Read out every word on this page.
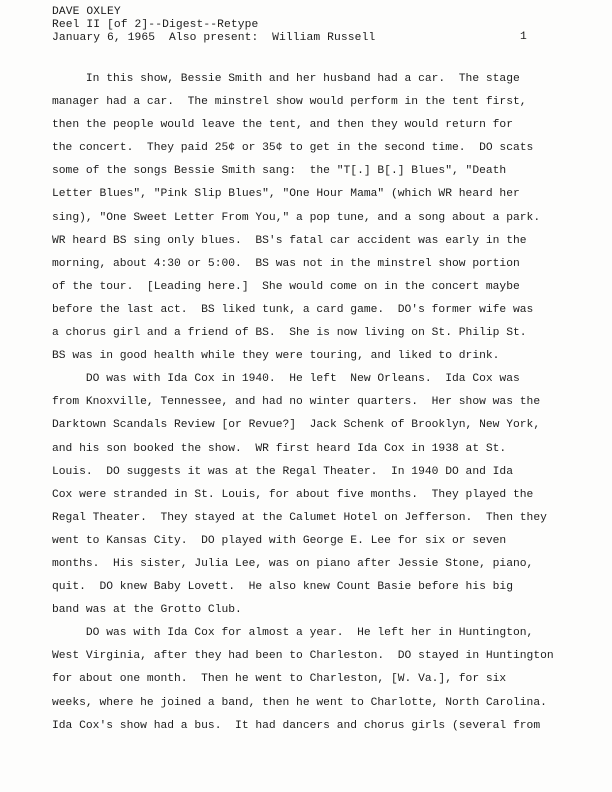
DAVE OXLEY
Reel II [of 2]--Digest--Retype
January 6, 1965  Also present:  William Russell	1
In this show, Bessie Smith and her husband had a car.  The stage
manager had a car.  The minstrel show would perform in the tent first,
then the people would leave the tent, and then they would return for
the concert.  They paid 25¢ or 35¢ to get in the second time.  DO scats
some of the songs Bessie Smith sang:  the "T[.] B[.] Blues", "Death
Letter Blues", "Pink Slip Blues", "One Hour Mama" (which WR heard her
sing), "One Sweet Letter From You," a pop tune, and a song about a park.
WR heard BS sing only blues.  BS's fatal car accident was early in the
morning, about 4:30 or 5:00.  BS was not in the minstrel show portion
of the tour.  [Leading here.]  She would come on in the concert maybe
before the last act.  BS liked tunk, a card game.  DO's former wife was
a chorus girl and a friend of BS.  She is now living on St. Philip St.
BS was in good health while they were touring, and liked to drink.
DO was with Ida Cox in 1940.  He left  New Orleans.  Ida Cox was
from Knoxville, Tennessee, and had no winter quarters.  Her show was the
Darktown Scandals Review [or Revue?]  Jack Schenk of Brooklyn, New York,
and his son booked the show.  WR first heard Ida Cox in 1938 at St.
Louis.  DO suggests it was at the Regal Theater.  In 1940 DO and Ida
Cox were stranded in St. Louis, for about five months.  They played the
Regal Theater.  They stayed at the Calumet Hotel on Jefferson.  Then they
went to Kansas City.  DO played with George E. Lee for six or seven
months.  His sister, Julia Lee, was on piano after Jessie Stone, piano,
quit.  DO knew Baby Lovett.  He also knew Count Basie before his big
band was at the Grotto Club.
DO was with Ida Cox for almost a year.  He left her in Huntington,
West Virginia, after they had been to Charleston.  DO stayed in Huntington
for about one month.  Then he went to Charleston, [W. Va.], for six
weeks, where he joined a band, then he went to Charlotte, North Carolina.
Ida Cox's show had a bus.  It had dancers and chorus girls (several from
